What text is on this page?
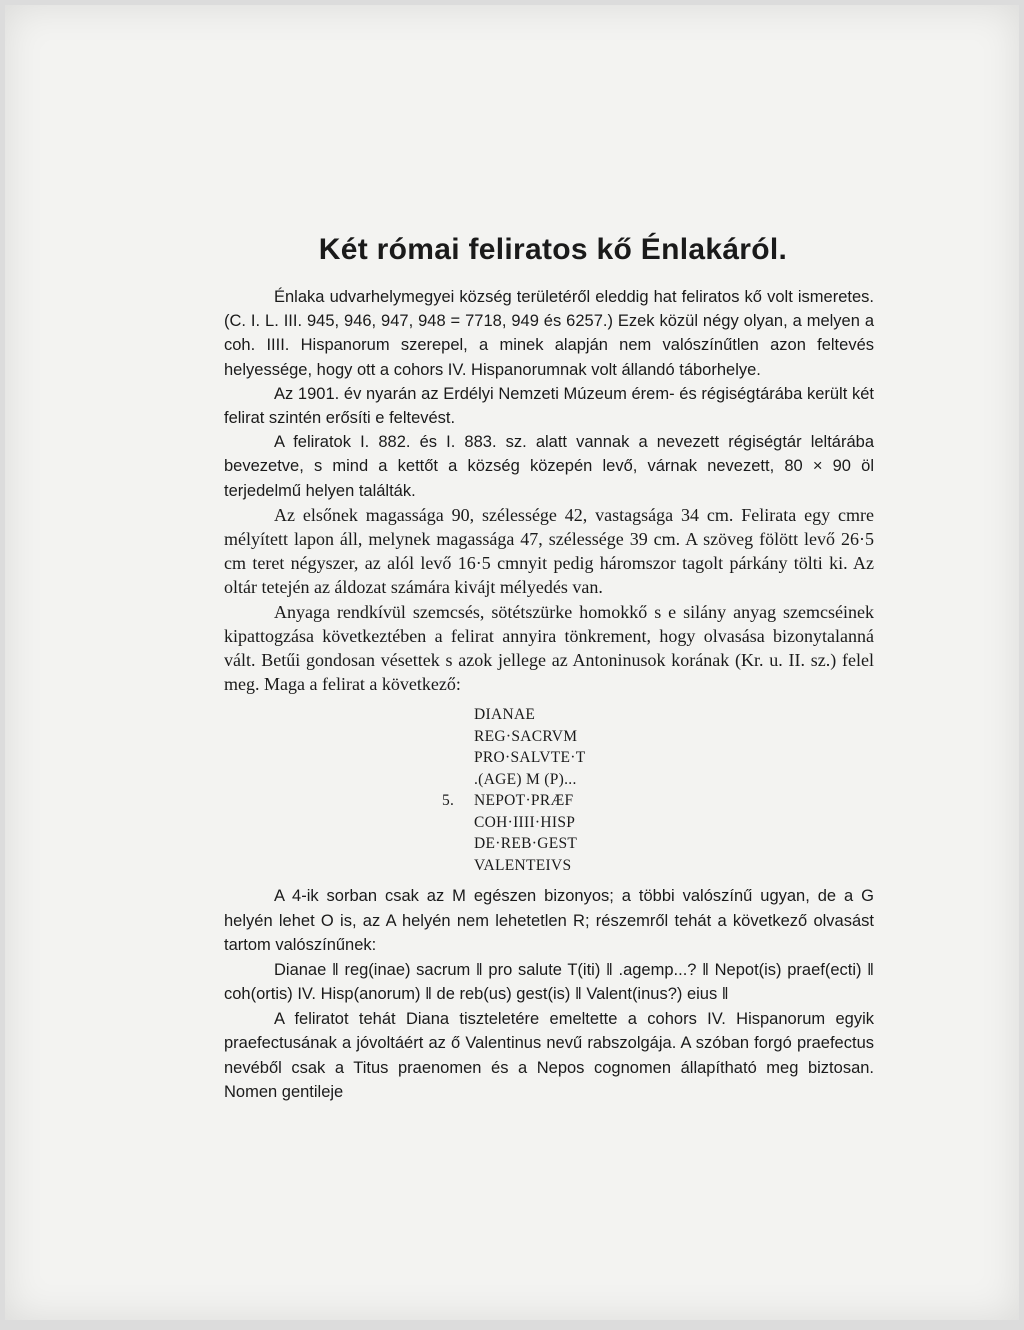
Két római feliratos kő Énlakáról.

Énlaka udvarhelymegyei község területéről eleddig hat feliratos kő volt ismeretes. (C. I. L. III. 945, 946, 947, 948 = 7718, 949 és 6257.) Ezek közül négy olyan, a melyen a coh. IIII. Hispanorum szerepel, a minek alapján nem valószínűtlen azon feltevés helyessége, hogy ott a cohors IV. Hispanorumnak volt állandó táborhelye.

Az 1901. év nyarán az Erdélyi Nemzeti Múzeum érem- és régiségtárába került két felirat szintén erősíti e feltevést.

A feliratok I. 882. és I. 883. sz. alatt vannak a nevezett régiségtár leltárába bevezetve, s mind a kettőt a község közepén levő, várnak nevezett, 80 × 90 öl terjedelmű helyen találták.

Az elsőnek magassága 90, szélessége 42, vastagsága 34 cm. Felirata egy cmre mélyített lapon áll, melynek magassága 47, szélessége 39 cm. A szöveg fölött levő 26·5 cm teret négyszer, az alól levő 16·5 cmnyit pedig háromszor tagolt párkány tölti ki. Az oltár tetején az áldozat számára kivájt mélyedés van.

Anyaga rendkívül szemcsés, sötétszürke homokkő s e silány anyag szemcséinek kipattogzása következtében a felirat annyira tönkrement, hogy olvasása bizonytalanná vált. Betűi gondosan vésettek s azok jellege az Antoninusok korának (Kr. u. II. sz.) felel meg. Maga a felirat a következő:

DIANAE
REG·SACRVM
PRO·SALVTE·T
.(AGE) M (P)...
5. NEPOT·PRÆF
COH·IIII·HISP
DE·REB·GEST
VALENTEIVS

A 4-ik sorban csak az M egészen bizonyos; a többi valószínű ugyan, de a G helyén lehet O is, az A helyén nem lehetetlen R; részemről tehát a következő olvasást tartom valószínűnek:

Dianae ‖ reg(inae) sacrum ‖ pro salute T(iti) ‖ .agemp...? ‖ Nepot(is) praef(ecti) ‖ coh(ortis) IV. Hisp(anorum) ‖ de reb(us) gest(is) ‖ Valent(inus?) eius ‖

A feliratot tehát Diana tiszteletére emeltette a cohors IV. Hispanorum egyik praefectusának a jóvoltáért az ő Valentinus nevű rabszolgája. A szóban forgó praefectus nevéből csak a Titus praenomen és a Nepos cognomen állapítható meg biztosan. Nomen gentileje
